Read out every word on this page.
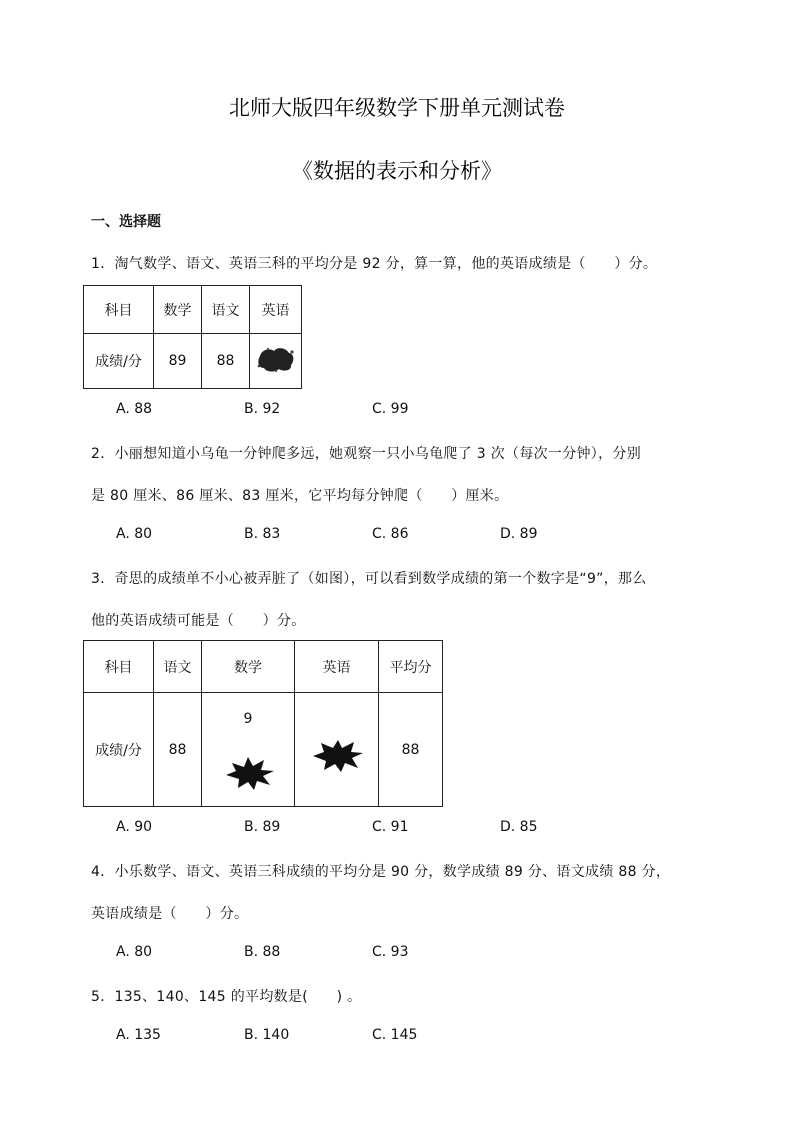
北师大版四年级数学下册单元测试卷
《数据的表示和分析》
一、选择题
1．淘气数学、语文、英语三科的平均分是 92 分，算一算，他的英语成绩是（　　）分。
科目	数学	语文	英语
成绩/分	89	88	
A. 88	B. 92	C. 99
2．小丽想知道小乌龟一分钟爬多远，她观察一只小乌龟爬了 3 次（每次一分钟），分别
是 80 厘米、86 厘米、83 厘米，它平均每分钟爬（　　）厘米。
A. 80	B. 83	C. 86	D. 89
3．奇思的成绩单不小心被弄脏了（如图），可以看到数学成绩的第一个数字是“9”，那么
他的英语成绩可能是（　　）分。
科目	语文	数学	英语	平均分
成绩/分	88	9		88
A. 90	B. 89	C. 91	D. 85
4．小乐数学、语文、英语三科成绩的平均分是 90 分，数学成绩 89 分、语文成绩 88 分，
英语成绩是（　　）分。
A. 80	B. 88	C. 93
5．135、140、145 的平均数是(　　) 。
A. 135	B. 140	C. 145
